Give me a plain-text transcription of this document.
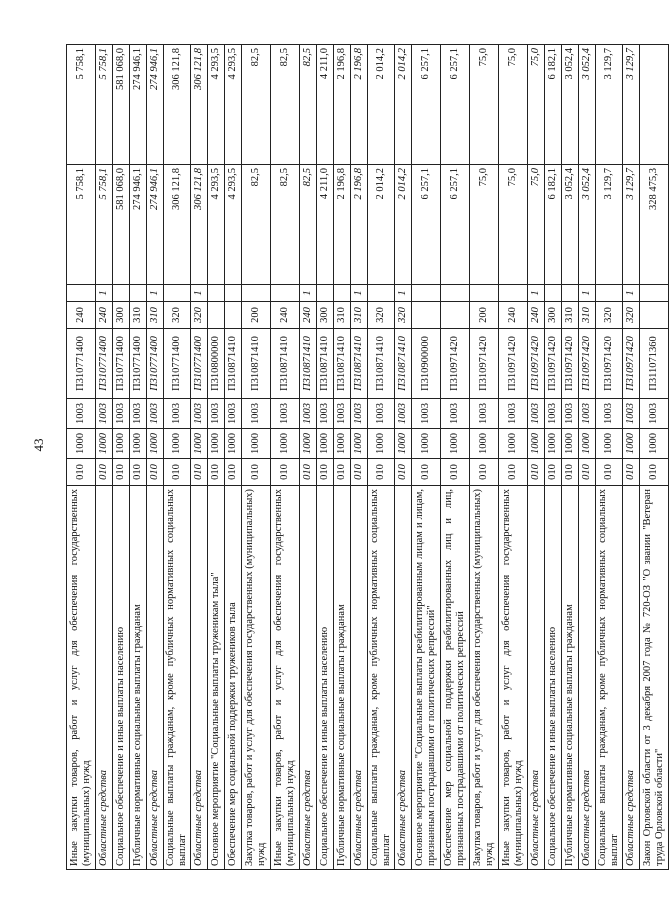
43
Иные закупки товаров, работ и услуг для обеспечения государственных (муниципальных) нужд	010	1000	1003	П310771400	240		5 758,1	5 758,1
Областные средства	010	1000	1003	П310771400	240	1	5 758,1	5 758,1
Социальное обеспечение и иные выплаты населению	010	1000	1003	П310771400	300		581 068,0	581 068,0
Публичные нормативные социальные выплаты гражданам	010	1000	1003	П310771400	310		274 946,1	274 946,1
Областные средства	010	1000	1003	П310771400	310	1	274 946,1	274 946,1
Социальные выплаты гражданам, кроме публичных нормативных социальных выплат	010	1000	1003	П310771400	320		306 121,8	306 121,8
Областные средства	010	1000	1003	П310771400	320	1	306 121,8	306 121,8
Основное мероприятие "Социальные выплаты труженикам тыла"	010	1000	1003	П310800000			4 293,5	4 293,5
Обеспечение мер социальной поддержки тружеников тыла	010	1000	1003	П310871410			4 293,5	4 293,5
Закупка товаров, работ и услуг для обеспечения государственных (муниципальных) нужд	010	1000	1003	П310871410	200		82,5	82,5
Иные закупки товаров, работ и услуг для обеспечения государственных (муниципальных) нужд	010	1000	1003	П310871410	240		82,5	82,5
Областные средства	010	1000	1003	П310871410	240	1	82,5	82,5
Социальное обеспечение и иные выплаты населению	010	1000	1003	П310871410	300		4 211,0	4 211,0
Публичные нормативные социальные выплаты гражданам	010	1000	1003	П310871410	310		2 196,8	2 196,8
Областные средства	010	1000	1003	П310871410	310	1	2 196,8	2 196,8
Социальные выплаты гражданам, кроме публичных нормативных социальных выплат	010	1000	1003	П310871410	320		2 014,2	2 014,2
Областные средства	010	1000	1003	П310871410	320	1	2 014,2	2 014,2
Основное мероприятие "Социальные выплаты реабилитированным лицам и лицам, признанным пострадавшими от политических репрессий"	010	1000	1003	П310900000			6 257,1	6 257,1
Обеспечение мер социальной поддержки реабилитированных лиц и лиц, признанных пострадавшими от политических репрессий	010	1000	1003	П310971420			6 257,1	6 257,1
Закупка товаров, работ и услуг для обеспечения государственных (муниципальных) нужд	010	1000	1003	П310971420	200		75,0	75,0
Иные закупки товаров, работ и услуг для обеспечения государственных (муниципальных) нужд	010	1000	1003	П310971420	240		75,0	75,0
Областные средства	010	1000	1003	П310971420	240	1	75,0	75,0
Социальное обеспечение и иные выплаты населению	010	1000	1003	П310971420	300		6 182,1	6 182,1
Публичные нормативные социальные выплаты гражданам	010	1000	1003	П310971420	310		3 052,4	3 052,4
Областные средства	010	1000	1003	П310971420	310	1	3 052,4	3 052,4
Социальные выплаты гражданам, кроме публичных нормативных социальных выплат	010	1000	1003	П310971420	320		3 129,7	3 129,7
Областные средства	010	1000	1003	П310971420	320	1	3 129,7	3 129,7
Закон Орловской области от 3 декабря 2007 года № 720-ОЗ "О звании "Ветеран труда Орловской области"	010	1000	1003	П311071360			328 475,3	
